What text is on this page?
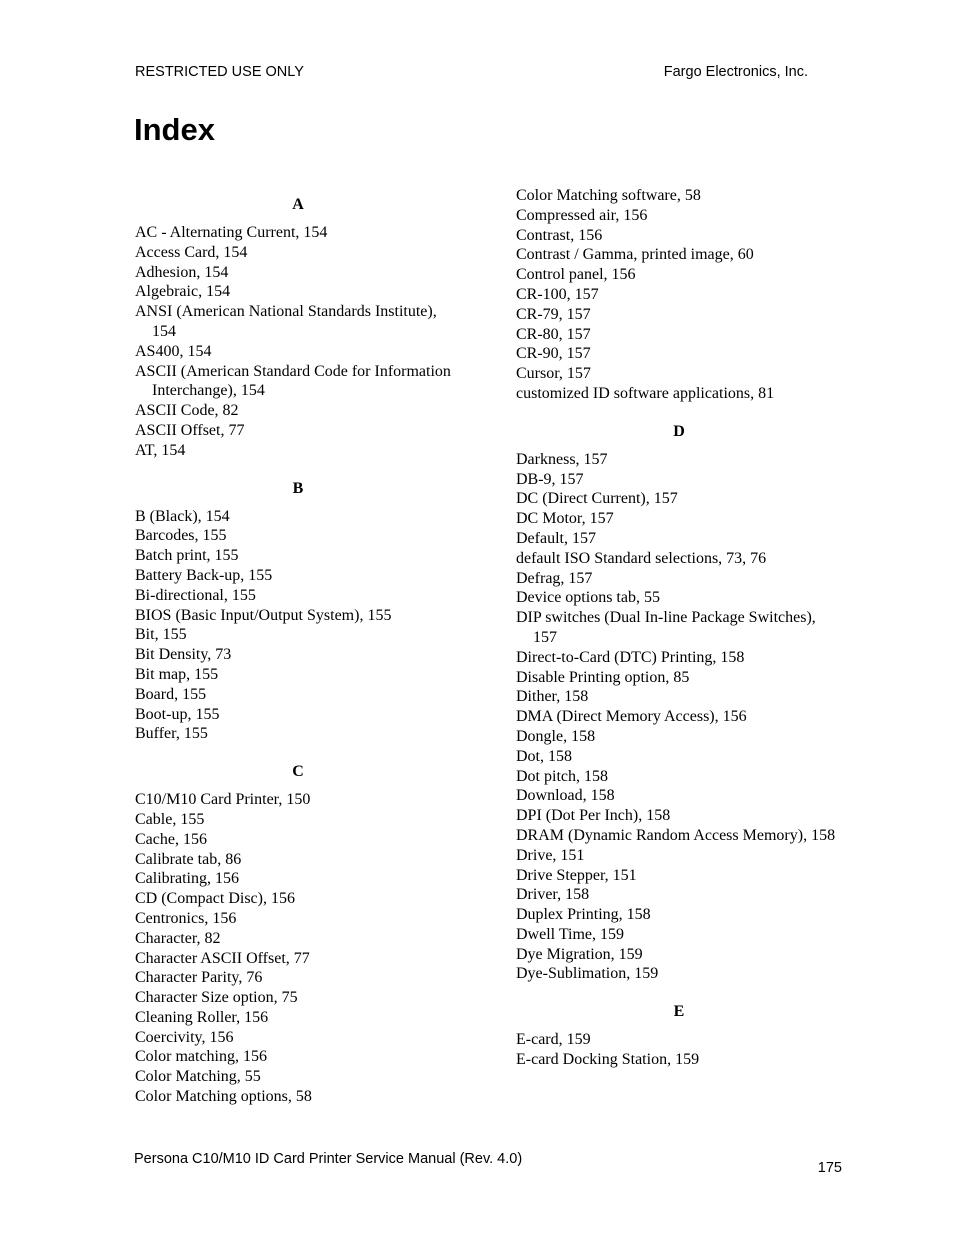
RESTRICTED USE ONLY	Fargo Electronics, Inc.
Index
A
AC - Alternating Current, 154
Access Card, 154
Adhesion, 154
Algebraic, 154
ANSI (American National Standards Institute), 154
AS400, 154
ASCII (American Standard Code for Information Interchange), 154
ASCII Code, 82
ASCII Offset, 77
AT, 154
B
B (Black), 154
Barcodes, 155
Batch print, 155
Battery Back-up, 155
Bi-directional, 155
BIOS (Basic Input/Output System), 155
Bit, 155
Bit Density, 73
Bit map, 155
Board, 155
Boot-up, 155
Buffer, 155
C
C10/M10 Card Printer, 150
Cable, 155
Cache, 156
Calibrate tab, 86
Calibrating, 156
CD (Compact Disc), 156
Centronics, 156
Character, 82
Character ASCII Offset, 77
Character Parity, 76
Character Size option, 75
Cleaning Roller, 156
Coercivity, 156
Color matching, 156
Color Matching, 55
Color Matching options, 58
Color Matching software, 58
Compressed air, 156
Contrast, 156
Contrast / Gamma, printed image, 60
Control panel, 156
CR-100, 157
CR-79, 157
CR-80, 157
CR-90, 157
Cursor, 157
customized ID software applications, 81
D
Darkness, 157
DB-9, 157
DC (Direct Current), 157
DC Motor, 157
Default, 157
default ISO Standard selections, 73, 76
Defrag, 157
Device options tab, 55
DIP switches (Dual In-line Package Switches), 157
Direct-to-Card (DTC) Printing, 158
Disable Printing option, 85
Dither, 158
DMA (Direct Memory Access), 156
Dongle, 158
Dot, 158
Dot pitch, 158
Download, 158
DPI (Dot Per Inch), 158
DRAM (Dynamic Random Access Memory), 158
Drive, 151
Drive Stepper, 151
Driver, 158
Duplex Printing, 158
Dwell Time, 159
Dye Migration, 159
Dye-Sublimation, 159
E
E-card, 159
E-card Docking Station, 159
Persona C10/M10 ID Card Printer Service Manual (Rev. 4.0)
175
